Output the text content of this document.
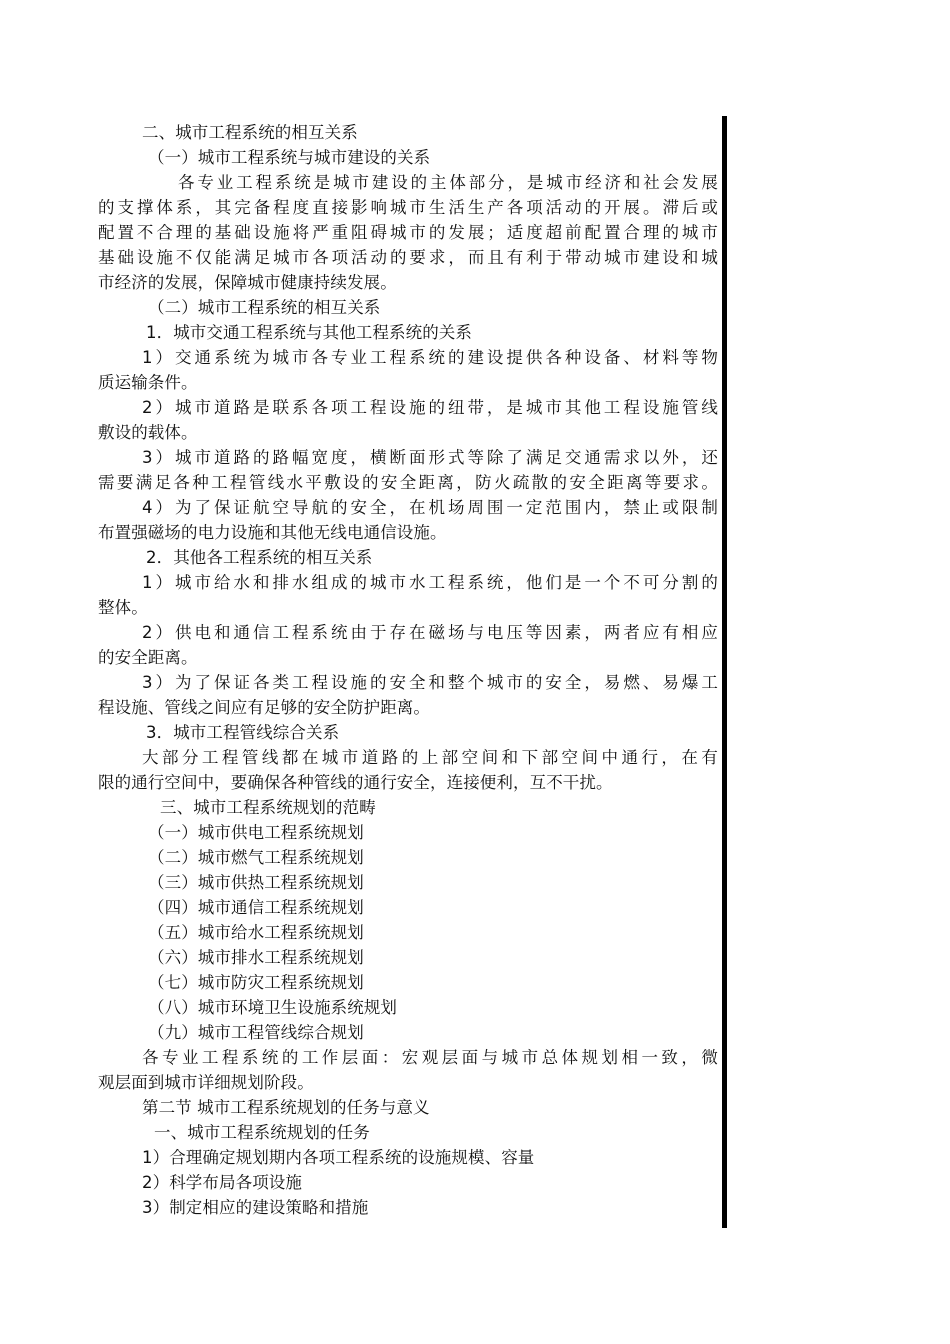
二、城市工程系统的相互关系
（一）城市工程系统与城市建设的关系
各专业工程系统是城市建设的主体部分，是城市经济和社会发展
的支撑体系，其完备程度直接影响城市生活生产各项活动的开展。滞后或
配置不合理的基础设施将严重阻碍城市的发展；适度超前配置合理的城市
基础设施不仅能满足城市各项活动的要求，而且有利于带动城市建设和城
市经济的发展，保障城市健康持续发展。
（二）城市工程系统的相互关系
1．城市交通工程系统与其他工程系统的关系
1）交通系统为城市各专业工程系统的建设提供各种设备、材料等物
质运输条件。
2）城市道路是联系各项工程设施的纽带，是城市其他工程设施管线
敷设的载体。
3）城市道路的路幅宽度，横断面形式等除了满足交通需求以外，还
需要满足各种工程管线水平敷设的安全距离，防火疏散的安全距离等要求。
4）为了保证航空导航的安全，在机场周围一定范围内，禁止或限制
布置强磁场的电力设施和其他无线电通信设施。
2．其他各工程系统的相互关系
1）城市给水和排水组成的城市水工程系统，他们是一个不可分割的
整体。
2）供电和通信工程系统由于存在磁场与电压等因素，两者应有相应
的安全距离。
3）为了保证各类工程设施的安全和整个城市的安全，易燃、易爆工
程设施、管线之间应有足够的安全防护距离。
3．城市工程管线综合关系
大部分工程管线都在城市道路的上部空间和下部空间中通行，在有
限的通行空间中，要确保各种管线的通行安全，连接便利，互不干扰。
三、城市工程系统规划的范畴
（一）城市供电工程系统规划
（二）城市燃气工程系统规划
（三）城市供热工程系统规划
（四）城市通信工程系统规划
（五）城市给水工程系统规划
（六）城市排水工程系统规划
（七）城市防灾工程系统规划
（八）城市环境卫生设施系统规划
（九）城市工程管线综合规划
各专业工程系统的工作层面：宏观层面与城市总体规划相一致，微
观层面到城市详细规划阶段。
第二节 城市工程系统规划的任务与意义
一、城市工程系统规划的任务
1）合理确定规划期内各项工程系统的设施规模、容量
2）科学布局各项设施
3）制定相应的建设策略和措施
